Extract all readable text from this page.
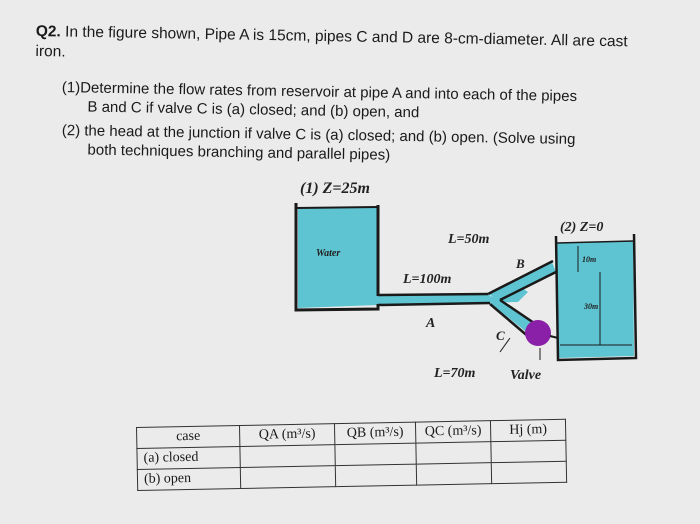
Q2. In the figure shown, Pipe A is 15cm, pipes C and D are 8-cm-diameter. All are cast iron.
(1)Determine the flow rates from reservoir at pipe A and into each of the pipes
B and C if valve C is (a) closed; and (b) open, and
(2) the head at the junction if valve C is (a) closed; and (b) open. (Solve using
both techniques branching and parallel pipes)
(1) Z=25m
(2) Z=0
Water
L=50m
L=100m
L=70m
A
B
C
Valve
10m
30m
case	QA (m³/s)	QB (m³/s)	QC (m³/s)	Hj (m)
(a) closed				
(b) open				
